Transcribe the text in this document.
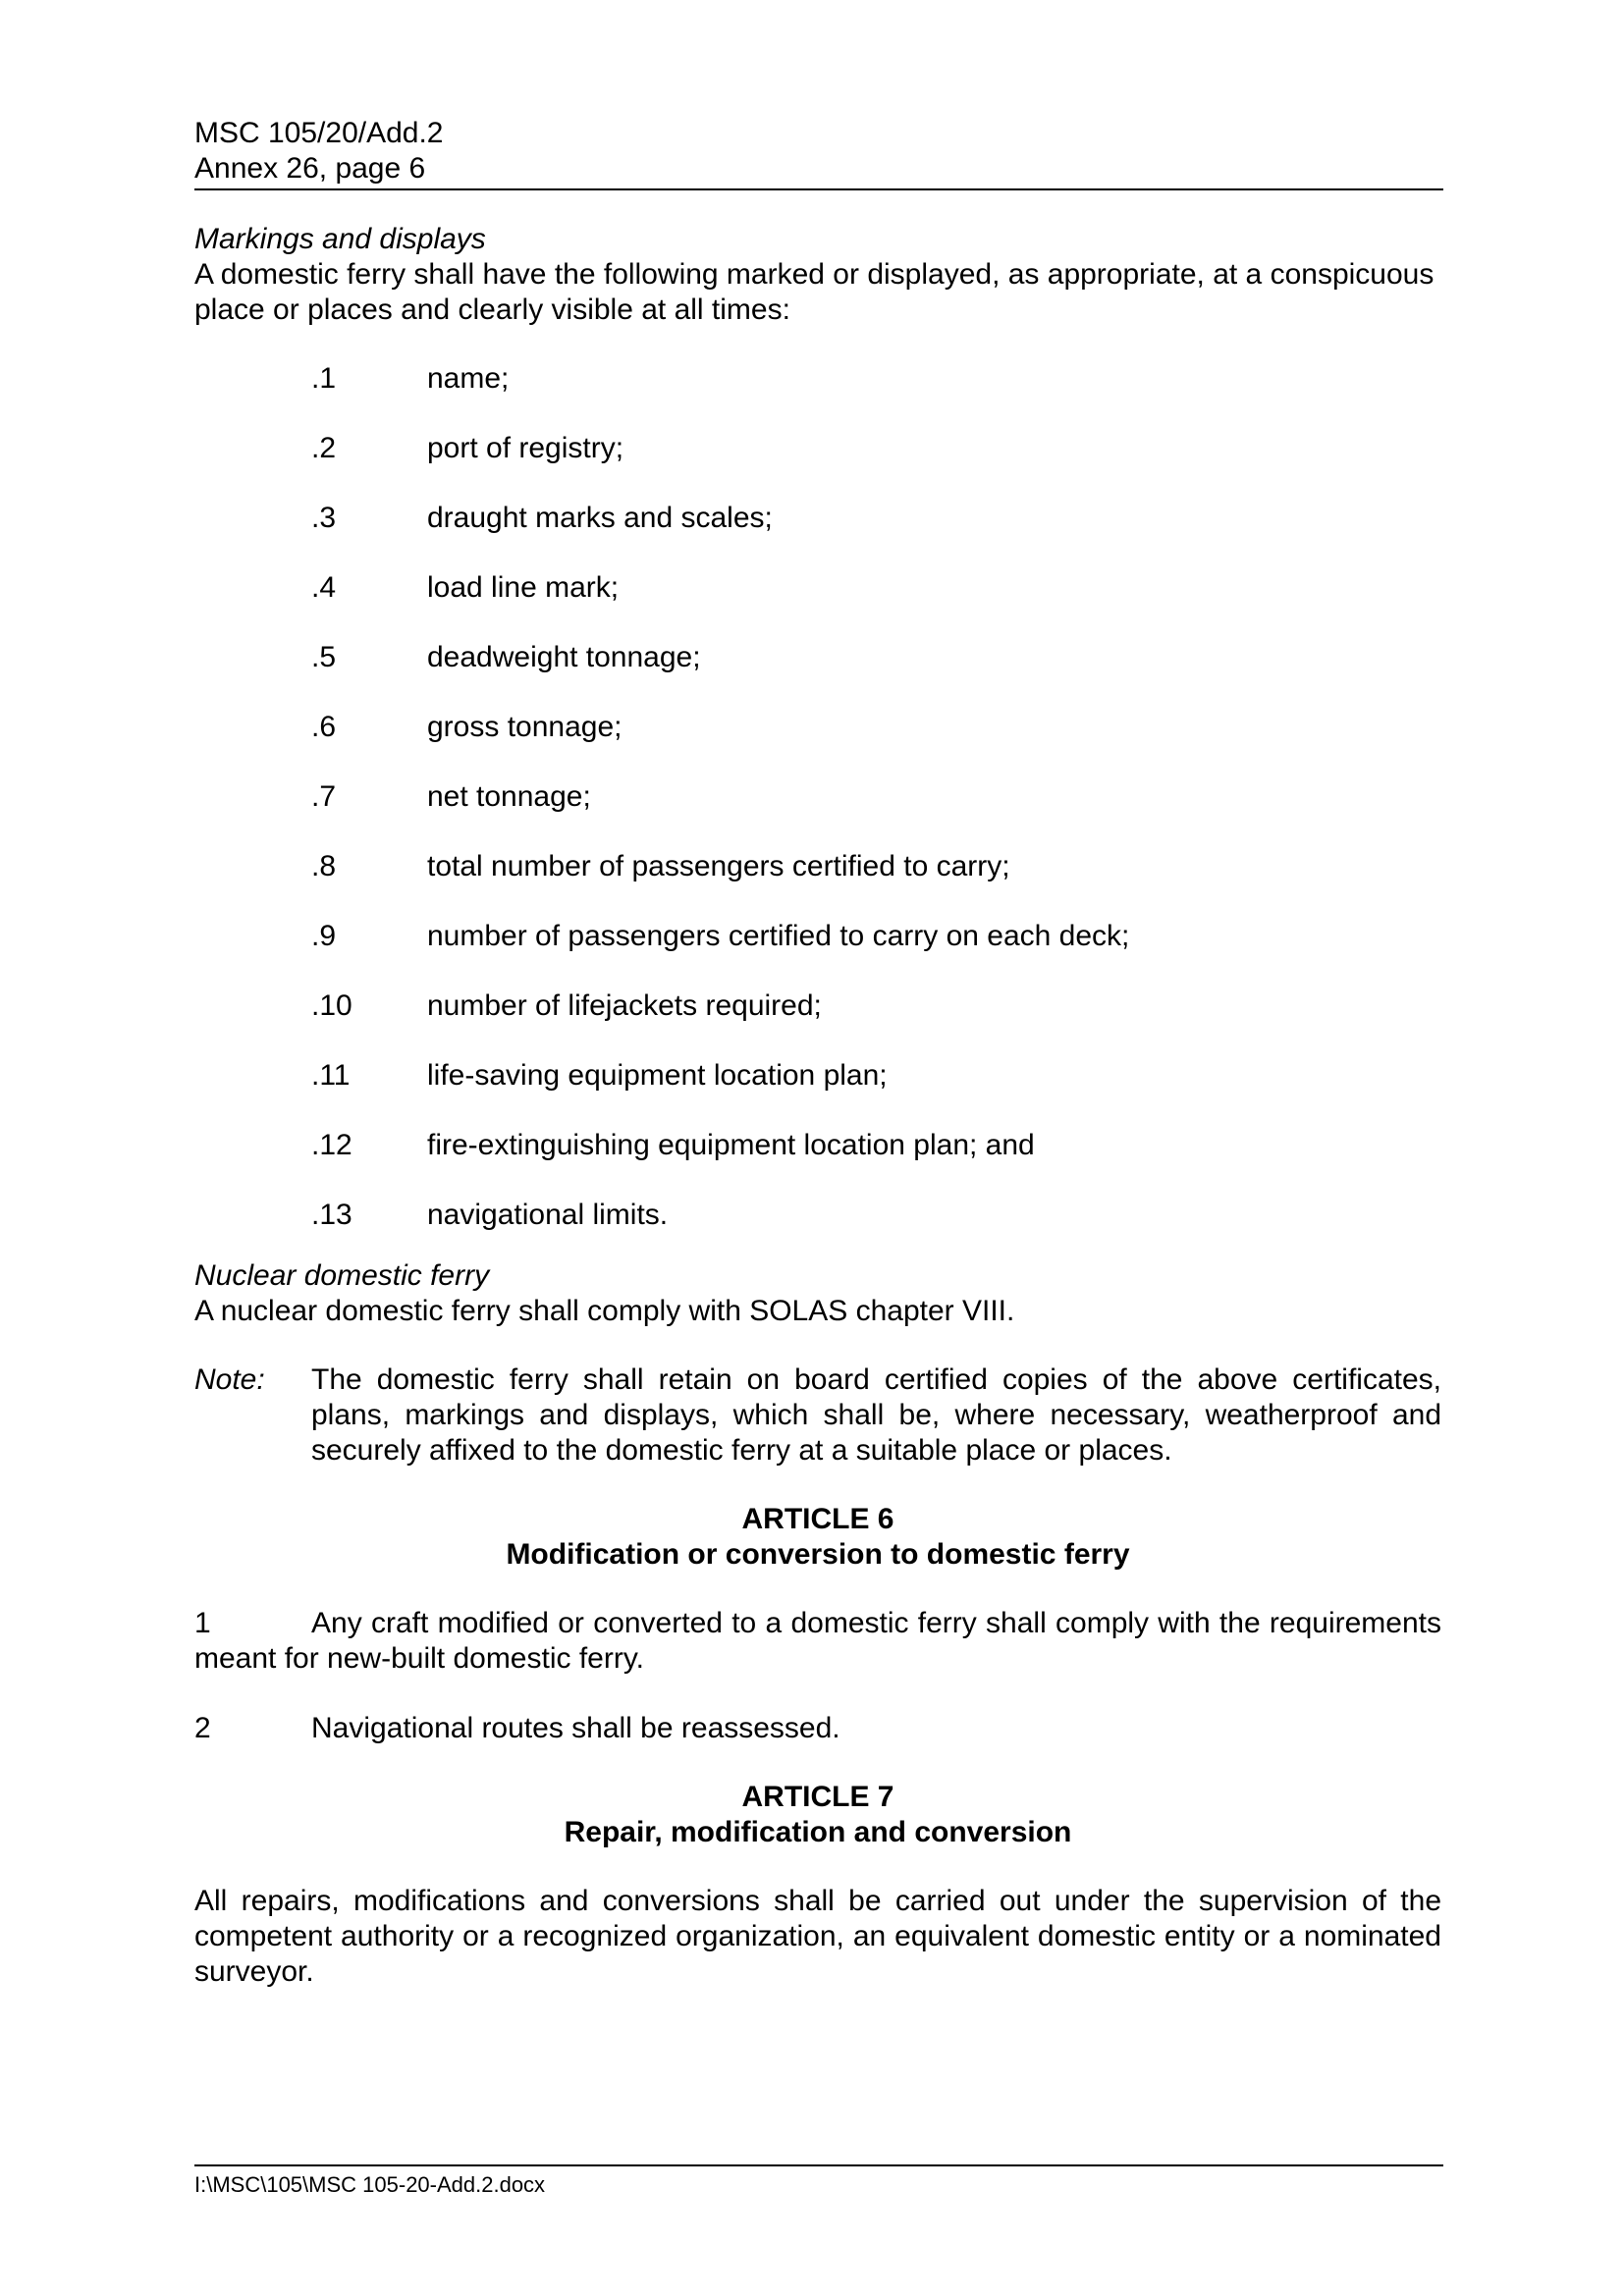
MSC 105/20/Add.2
Annex 26, page 6
Markings and displays

A domestic ferry shall have the following marked or displayed, as appropriate, at a conspicuous place or places and clearly visible at all times:

.1	name;
.2	port of registry;
.3	draught marks and scales;
.4	load line mark;
.5	deadweight tonnage;
.6	gross tonnage;
.7	net tonnage;
.8	total number of passengers certified to carry;
.9	number of passengers certified to carry on each deck;
.10	number of lifejackets required;
.11	life-saving equipment location plan;
.12	fire-extinguishing equipment location plan; and
.13	navigational limits.
Nuclear domestic ferry

A nuclear domestic ferry shall comply with SOLAS chapter VIII.

Note:	The domestic ferry shall retain on board certified copies of the above certificates, plans, markings and displays, which shall be, where necessary, weatherproof and securely affixed to the domestic ferry at a suitable place or places.
ARTICLE 6
Modification or conversion to domestic ferry

1	Any craft modified or converted to a domestic ferry shall comply with the requirements meant for new-built domestic ferry.

2	Navigational routes shall be reassessed.

ARTICLE 7
Repair, modification and conversion

All repairs, modifications and conversions shall be carried out under the supervision of the competent authority or a recognized organization, an equivalent domestic entity or a nominated surveyor.

I:\MSC\105\MSC 105-20-Add.2.docx
